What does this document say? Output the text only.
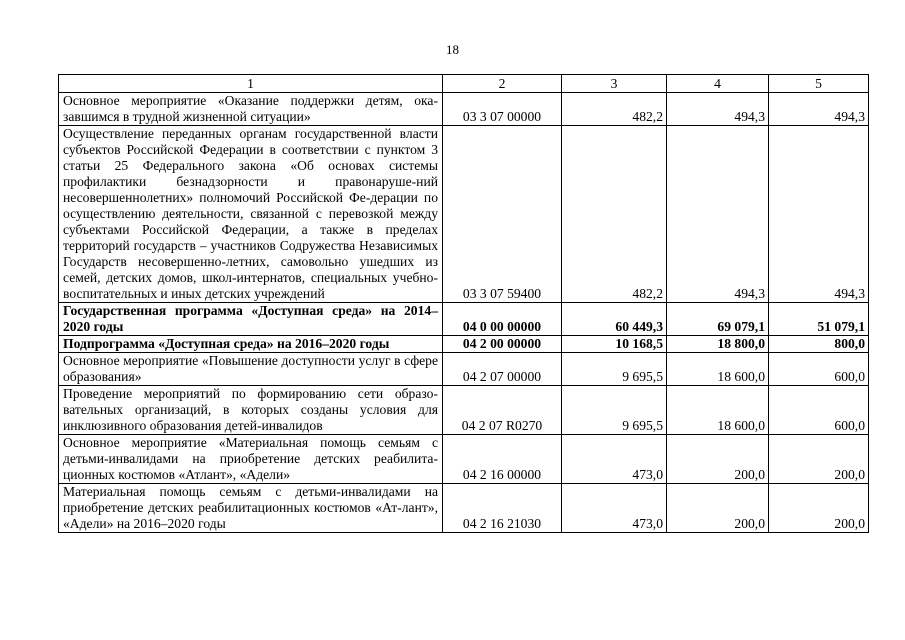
18
1	2	3	4	5
Основное мероприятие «Оказание поддержки детям, ока-завшимся в трудной жизненной ситуации»	03 3 07 00000	482,2	494,3	494,3
Осуществление переданных органам государственной власти субъектов Российской Федерации в соответствии с пунктом 3 статьи 25 Федерального закона «Об основах системы профилактики безнадзорности и правонаруше-ний несовершеннолетних» полномочий Российской Фе-дерации по осуществлению деятельности, связанной с перевозкой между субъектами Российской Федерации, а также в пределах территорий государств – участников Содружества Независимых Государств несовершенно-летних, самовольно ушедших из семей, детских домов, школ-интернатов, специальных учебно-воспитательных и иных детских учреждений	03 3 07 59400	482,2	494,3	494,3
Государственная программа «Доступная среда» на 2014–2020 годы	04 0 00 00000	60 449,3	69 079,1	51 079,1
Подпрограмма «Доступная среда» на 2016–2020 годы	04 2 00 00000	10 168,5	18 800,0	800,0
Основное мероприятие «Повышение доступности услуг в сфере образования»	04 2 07 00000	9 695,5	18 600,0	600,0
Проведение мероприятий по формированию сети образо-вательных организаций, в которых созданы условия для инклюзивного образования детей-инвалидов	04 2 07 R0270	9 695,5	18 600,0	600,0
Основное мероприятие «Материальная помощь семьям с детьми-инвалидами на приобретение детских реабилита-ционных костюмов «Атлант», «Адели»	04 2 16 00000	473,0	200,0	200,0
Материальная помощь семьям с детьми-инвалидами на приобретение детских реабилитационных костюмов «Ат-лант», «Адели» на 2016–2020 годы	04 2 16 21030	473,0	200,0	200,0
